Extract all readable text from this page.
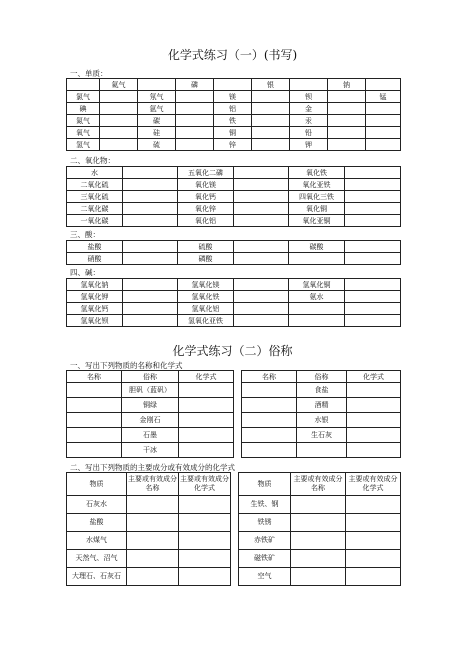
化学式练习（一）(书写)
一、单质：
	氦气		磷		银		钠	
氯气		氖气		镁		钡		锰
碘		氩气		铝		金		
氮气		碳		铁		汞		
氧气		硅		铜		铅		
氢气		硫		锌		钾		
二、氧化物：
水		五氧化二磷		氧化铁	
二氧化硫		氧化镁		氧化亚铁	
三氧化硫		氧化钙		四氧化三铁	
二氧化碳		氧化锌		氧化铜	
一氧化碳		氧化铝		氧化亚铜	
三、酸：
盐酸		硫酸		碳酸	
硝酸		磷酸			
四、碱：
氢氧化钠		氢氧化镁		氢氧化铜	
氢氧化钾		氢氧化铁		氨水	
氢氧化钙		氢氧化铝			
氢氧化钡		氢氧化亚铁			
化学式练习（二）俗称
一、写出下列物质的名称和化学式
名称	俗称	化学式		名称	俗称	化学式
	胆矾（蓝矾）				食盐	
	铜绿				酒精	
	金刚石				水银	
	石墨				生石灰	
	干冰					
二、写出下列物质的主要成分或有效成分的化学式
物质	主要或有效成分名称	主要或有效成分化学式		物质	主要或有效成分名称	主要或有效成分化学式
石灰水				生铁、钢		
盐酸				铁锈		
水煤气				赤铁矿		
天然气、沼气				磁铁矿		
大理石、石灰石				空气		
